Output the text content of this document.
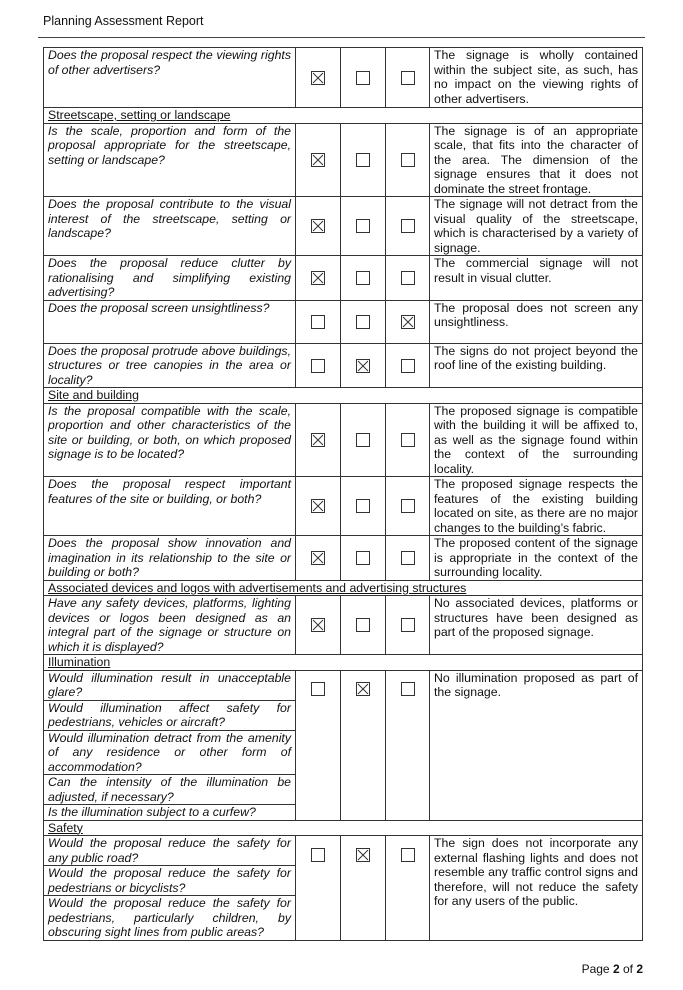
Planning Assessment Report
Does the proposal respect the viewing rights of other advertisers?				The signage is wholly contained within the subject site, as such, has no impact on the viewing rights of other advertisers.
Streetscape, setting or landscape				
Is the scale, proportion and form of the proposal appropriate for the streetscape, setting or landscape?				The signage is of an appropriate scale, that fits into the character of the area. The dimension of the signage ensures that it does not dominate the street frontage.
Does the proposal contribute to the visual interest of the streetscape, setting or landscape?				The signage will not detract from the visual quality of the streetscape, which is characterised by a variety of signage.
Does the proposal reduce clutter by rationalising and simplifying existing advertising?				The commercial signage will not result in visual clutter.
Does the proposal screen unsightliness?				The proposal does not screen any unsightliness.
Does the proposal protrude above buildings, structures or tree canopies in the area or locality?				The signs do not project beyond the roof line of the existing building.
Site and building				
Is the proposal compatible with the scale, proportion and other characteristics of the site or building, or both, on which proposed signage is to be located?				The proposed signage is compatible with the building it will be affixed to, as well as the signage found within the context of the surrounding locality.
Does the proposal respect important features of the site or building, or both?				The proposed signage respects the features of the existing building located on site, as there are no major changes to the building’s fabric.
Does the proposal show innovation and imagination in its relationship to the site or building or both?				The proposed content of the signage is appropriate in the context of the surrounding locality.
Associated devices and logos with advertisements and advertising structures				
Have any safety devices, platforms, lighting devices or logos been designed as an integral part of the signage or structure on which it is displayed?				No associated devices, platforms or structures have been designed as part of the proposed signage.
Illumination				
Would illumination result in unacceptable glare?				No illumination proposed as part of the signage.
Would illumination affect safety for pedestrians, vehicles or aircraft?				
Would illumination detract from the amenity of any residence or other form of accommodation?				
Can the intensity of the illumination be adjusted, if necessary?				
Is the illumination subject to a curfew?				
Safety				
Would the proposal reduce the safety for any public road?				The sign does not incorporate any external flashing lights and does not resemble any traffic control signs and therefore, will not reduce the safety for any users of the public.
Would the proposal reduce the safety for pedestrians or bicyclists?				
Would the proposal reduce the safety for pedestrians, particularly children, by obscuring sight lines from public areas?				
Page 2 of 2
